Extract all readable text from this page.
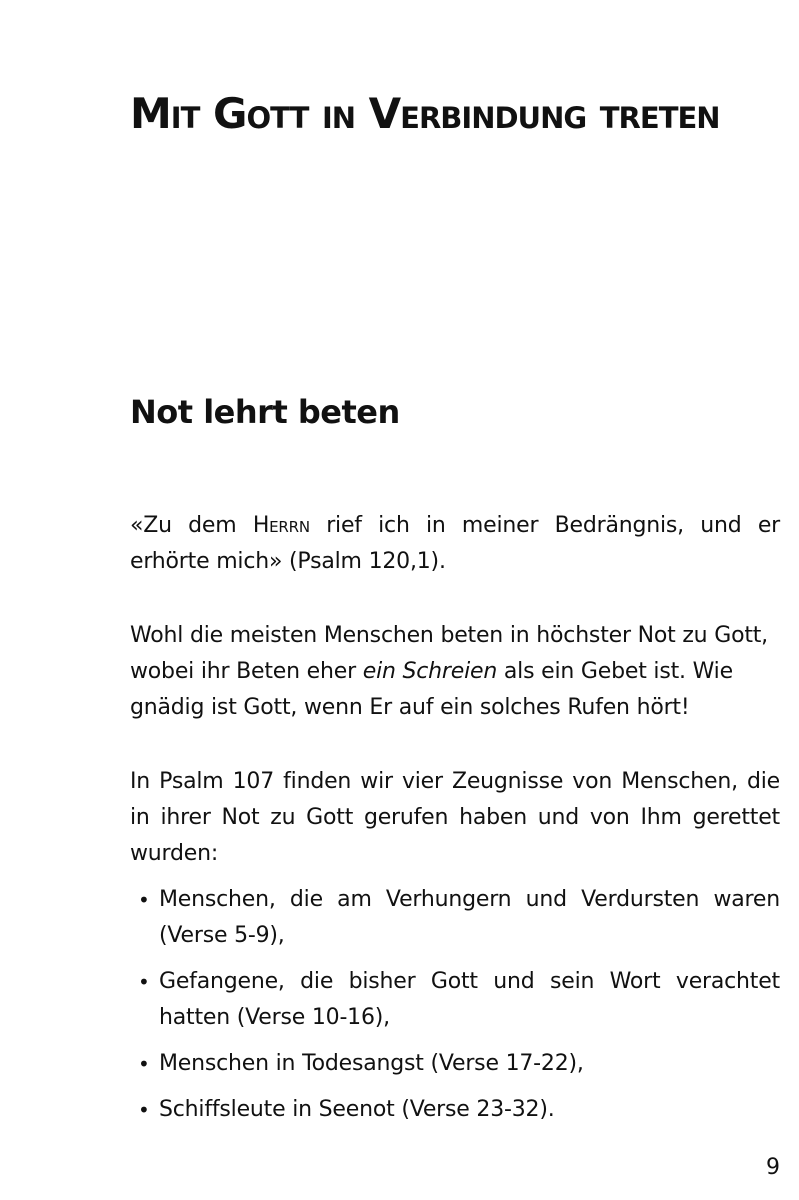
Mit Gott in Verbindung treten
Not lehrt beten

«Zu dem Herrn rief ich in meiner Bedrängnis, und er erhörte mich» (Psalm 120,1).

Wohl die meisten Menschen beten in höchster Not zu Gott, wobei ihr Beten eher ein Schreien als ein Gebet ist. Wie gnädig ist Gott, wenn Er auf ein solches Rufen hört!

In Psalm 107 finden wir vier Zeugnisse von Menschen, die in ihrer Not zu Gott gerufen haben und von Ihm gerettet wurden:

• Menschen, die am Verhungern und Verdursten waren (Verse 5-9),
• Gefangene, die bisher Gott und sein Wort verachtet hatten (Verse 10-16),
• Menschen in Todesangst (Verse 17-22),
• Schiffsleute in Seenot (Verse 23-32).
9
